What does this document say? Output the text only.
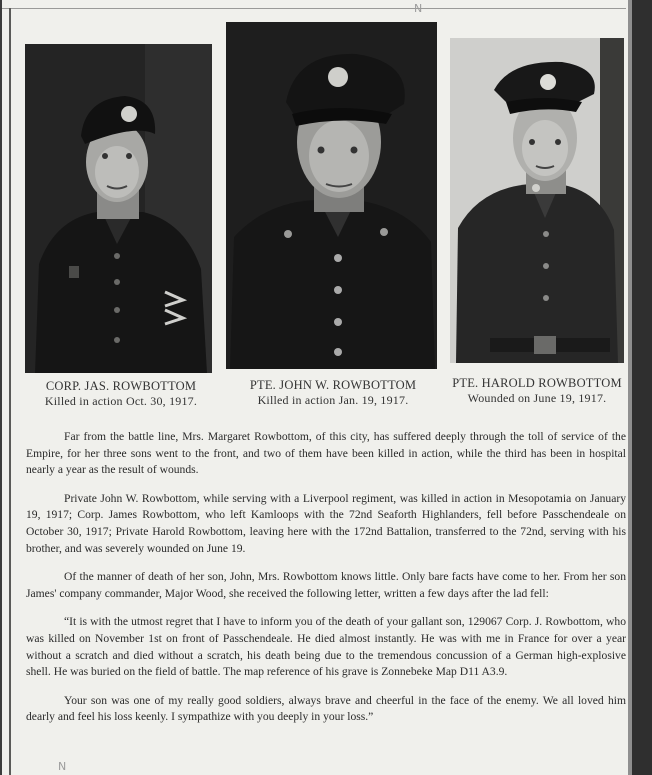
N
N
CORP. JAS. ROWBOTTOM
Killed in action Oct. 30, 1917.
PTE. JOHN W. ROWBOTTOM
Killed in action Jan. 19, 1917.
PTE. HAROLD ROWBOTTOM
Wounded on June 19, 1917.

Far from the battle line, Mrs. Margaret Rowbottom, of this city, has suffered deeply through the toll of service of the Empire, for her three sons went to the front, and two of them have been killed in action, while the third has been in hospital nearly a year as the result of wounds.

Private John W. Rowbottom, while serving with a Liverpool regiment, was killed in action in Mesopotamia on January 19, 1917; Corp. James Rowbottom, who left Kamloops with the 72nd Seaforth Highlanders, fell before Passchendeale on October 30, 1917; Private Harold Rowbottom, leaving here with the 172nd Battalion, transferred to the 72nd, serving with his brother, and was severely wounded on June 19.

Of the manner of death of her son, John, Mrs. Rowbottom knows little. Only bare facts have come to her. From her son James' company commander, Major Wood, she received the following letter, written a few days after the lad fell:

“It is with the utmost regret that I have to inform you of the death of your gallant son, 129067 Corp. J. Rowbottom, who was killed on November 1st on front of Passchendeale. He died almost instantly. He was with me in France for over a year without a scratch and died without a scratch, his death being due to the tremendous concussion of a German high-explosive shell. He was buried on the field of battle. The map reference of his grave is Zonnebeke Map D11 A3.9.

Your son was one of my really good soldiers, always brave and cheerful in the face of the enemy. We all loved him dearly and feel his loss keenly. I sympathize with you deeply in your loss.”
